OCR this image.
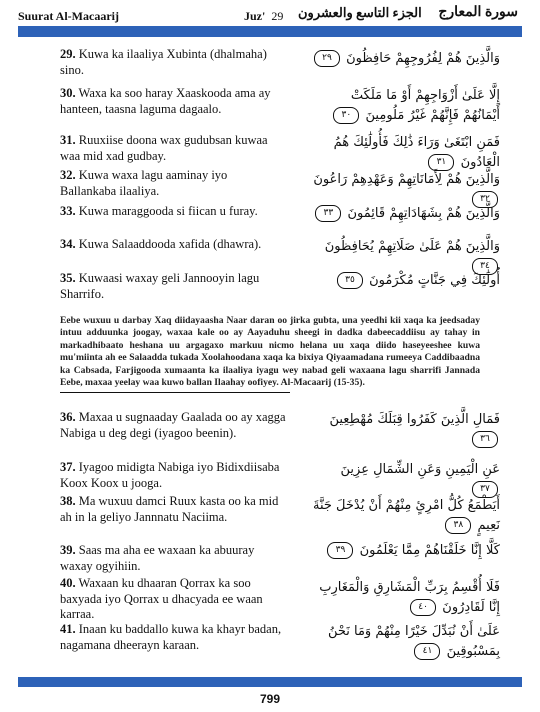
Suurat Al-Macaarij	Juz' 29 الجزء التاسع والعشرون سورة المعارج
29. Kuwa ka ilaaliya Xubinta (dhalmaha) sino.
وَالَّذِينَ هُمْ لِفُرُوجِهِمْ حَافِظُونَ ٢٩
30. Waxa ka soo haray Xaaskooda ama ay hanteen, taasna laguma dagaalo.
إِلَّا عَلَىٰ أَزْوَاجِهِمْ أَوْ مَا مَلَكَتْ أَيْمَانُهُمْ فَإِنَّهُمْ غَيْرُ مَلُومِينَ ٣٠
31. Ruuxiise doona wax gudubsan kuwaa waa mid xad gudbay.
فَمَنِ ابْتَغَىٰ وَرَاءَ ذَٰلِكَ فَأُولَٰئِكَ هُمُ الْعَادُونَ ٣١
32. Kuwa waxa lagu aaminay iyo Ballankaba ilaaliya.
وَالَّذِينَ هُمْ لِأَمَانَاتِهِمْ وَعَهْدِهِمْ رَاعُونَ ٣٢
33. Kuwa maraggooda si fiican u furay.	وَالَّذِينَ هُمْ بِشَهَادَاتِهِمْ قَائِمُونَ ٣٣
34. Kuwa Salaaddooda xafida (dhawra).	وَالَّذِينَ هُمْ عَلَىٰ صَلَاتِهِمْ يُحَافِظُونَ ٣٤
35. Kuwaasi waxay geli Jannooyin lagu Sharrifo.
أُولَٰئِكَ فِي جَنَّاتٍ مُكْرَمُونَ ٣٥
Eebe wuxuu u darbay Xaq diidayaasha Naar daran oo jirka gubta, una yeedhi kii xaqa ka jeedsaday intuu adduunka joogay, waxaa kale oo ay Aayaduhu sheegi in dadka dabeecaddiisu ay tahay in markadhibaato heshana uu argagaxo markuu nicmo helana uu xaqa diido haseyeeshee kuwa mu'miinta ah ee Salaadda tukada Xoolahoodana xaqa ka bixiya Qiyaamadana rumeeya Caddibaadna ka Cabsada, Farjigooda xumaanta ka ilaaliya iyagu wey nabad geli waxaana lagu sharrifi Jannada Eebe, maxaa yeelay waa kuwo ballan Ilaahay oofiyey. Al-Macaarij (15-35).
36. Maxaa u sugnaaday Gaalada oo ay xagga Nabiga u deg degi (iyagoo beenin).
فَمَالِ الَّذِينَ كَفَرُوا قِبَلَكَ مُهْطِعِينَ ٣٦
37. Iyagoo midigta Nabiga iyo Bidixdiisaba Koox Koox u jooga.
عَنِ الْيَمِينِ وَعَنِ الشِّمَالِ عِزِينَ ٣٧
38. Ma wuxuu damci Ruux kasta oo ka mid ah in la geliyo Jannnatu Naciima.
أَيَطْمَعُ كُلُّ امْرِئٍ مِنْهُمْ أَنْ يُدْخَلَ جَنَّةَ نَعِيمٍ ٣٨
39. Saas ma aha ee waxaan ka abuuray waxay ogyihiin.
كَلَّا إِنَّا خَلَقْنَاهُمْ مِمَّا يَعْلَمُونَ ٣٩
40. Waxaan ku dhaaran Qorrax ka soo baxyada iyo Qorrax u dhacyada ee waan karraa.
فَلَا أُقْسِمُ بِرَبِّ الْمَشَارِقِ وَالْمَغَارِبِ إِنَّا لَقَادِرُونَ ٤٠
41. Inaan ku baddallo kuwa ka khayr badan, nagamana dheerayn karaan.
عَلَىٰ أَنْ نُبَدِّلَ خَيْرًا مِنْهُمْ وَمَا نَحْنُ بِمَسْبُوقِينَ ٤١
799
